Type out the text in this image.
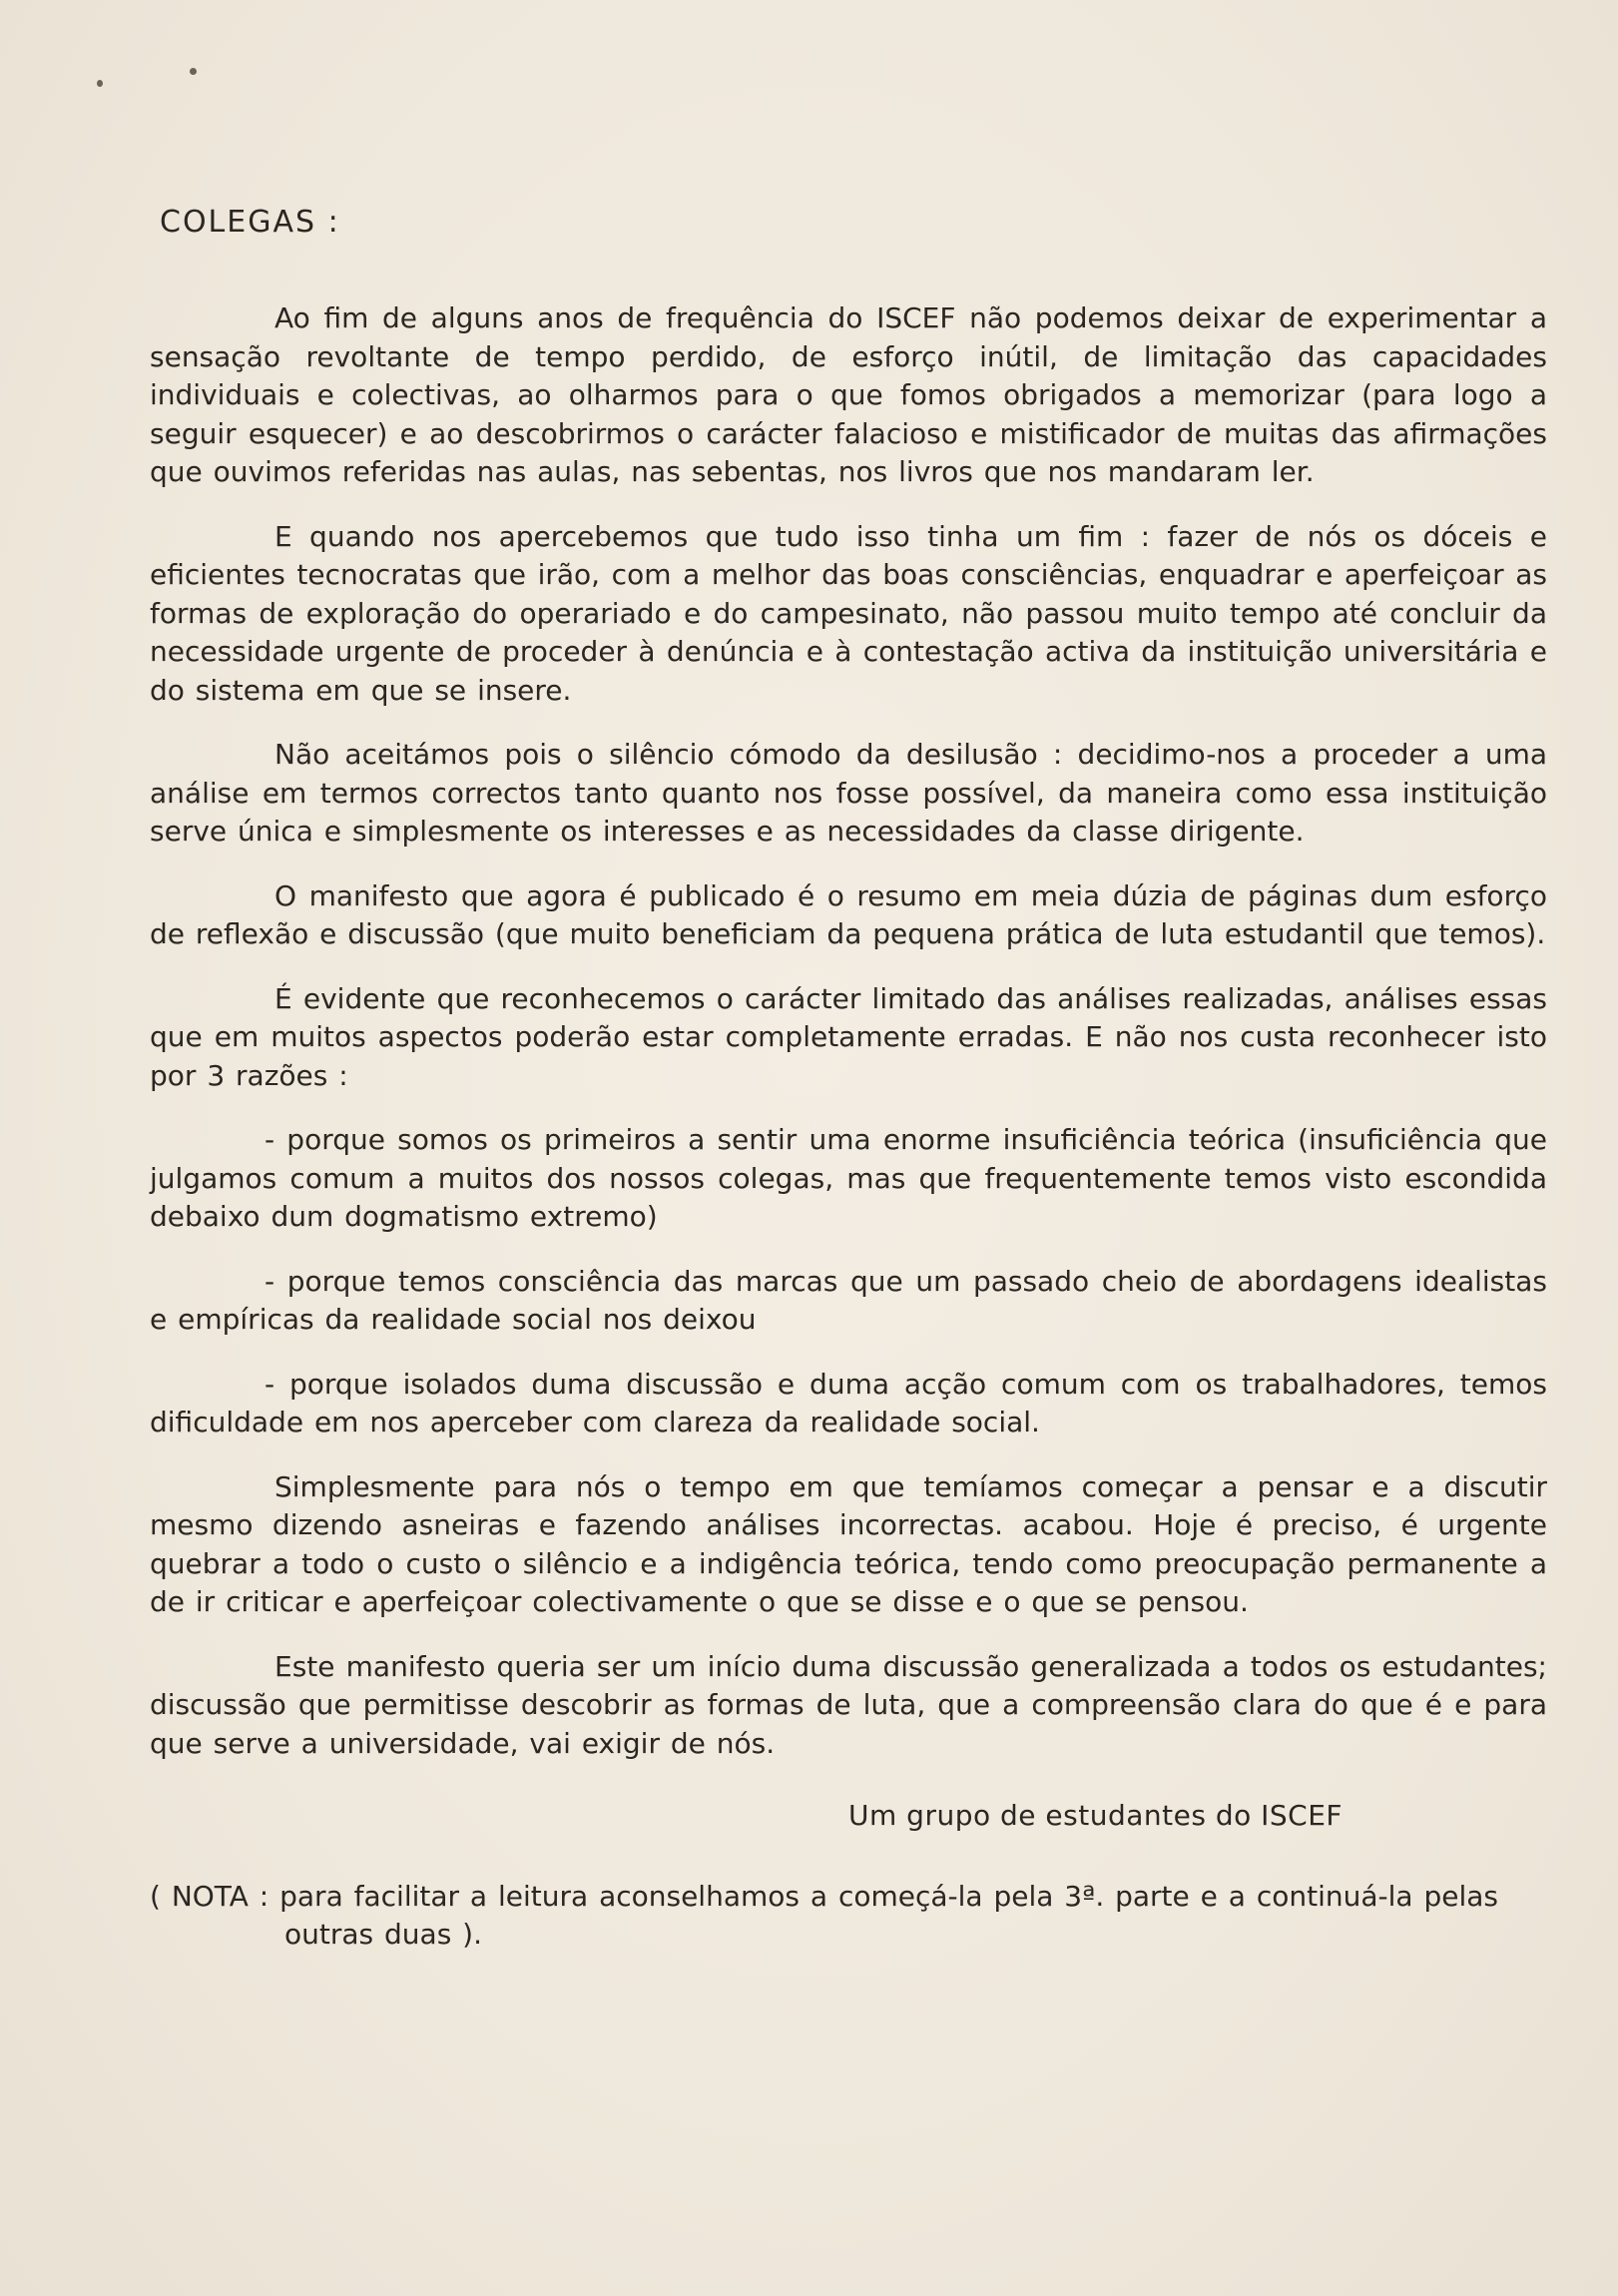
COLEGAS :

Ao fim de alguns anos de frequência do ISCEF não podemos deixar de experimentar a sensação revoltante de tempo perdido, de esforço inútil, de limitação das capacidades individuais e colectivas, ao olharmos para o que fomos obrigados a memorizar (para logo a seguir esquecer) e ao descobrirmos o carácter falacioso e mistificador de muitas das afirmações que ouvimos referidas nas aulas, nas sebentas, nos livros que nos mandaram ler.

E quando nos apercebemos que tudo isso tinha um fim : fazer de nós os dóceis e eficientes tecnocratas que irão, com a melhor das boas consciências, enquadrar e aperfeiçoar as formas de exploração do operariado e do campesinato, não passou muito tempo até concluir da necessidade urgente de proceder à denúncia e à contestação activa da instituição universitária e do sistema em que se insere.

Não aceitámos pois o silêncio cómodo da desilusão : decidimo-nos a proceder a uma análise em termos correctos tanto quanto nos fosse possível, da maneira como essa instituição serve única e simplesmente os interesses e as necessidades da classe dirigente.

O manifesto que agora é publicado é o resumo em meia dúzia de páginas dum esforço de reflexão e discussão (que muito beneficiam da pequena prática de luta estudantil que temos).

É evidente que reconhecemos o carácter limitado das análises realizadas, análises essas que em muitos aspectos poderão estar completamente erradas. E não nos custa reconhecer isto por 3 razões :

- porque somos os primeiros a sentir uma enorme insuficiência teórica (insuficiência que julgamos comum a muitos dos nossos colegas, mas que frequentemente temos visto escondida debaixo dum dogmatismo extremo)

- porque temos consciência das marcas que um passado cheio de abordagens idealistas e empíricas da realidade social nos deixou

- porque isolados duma discussão e duma acção comum com os trabalhadores, temos dificuldade em nos aperceber com clareza da realidade social.

Simplesmente para nós o tempo em que temíamos começar a pensar e a discutir mesmo dizendo asneiras e fazendo análises incorrectas. acabou. Hoje é preciso, é urgente quebrar a todo o custo o silêncio e a indigência teórica, tendo como preocupação permanente a de ir criticar e aperfeiçoar colectivamente o que se disse e o que se pensou.

Este manifesto queria ser um início duma discussão generalizada a todos os estudantes; discussão que permitisse descobrir as formas de luta, que a compreensão clara do que é e para que serve a universidade, vai exigir de nós.

Um grupo de estudantes do ISCEF
( NOTA : para facilitar a leitura aconselhamos a começá-la pela 3ª. parte e a continuá-la pelas outras duas ).
